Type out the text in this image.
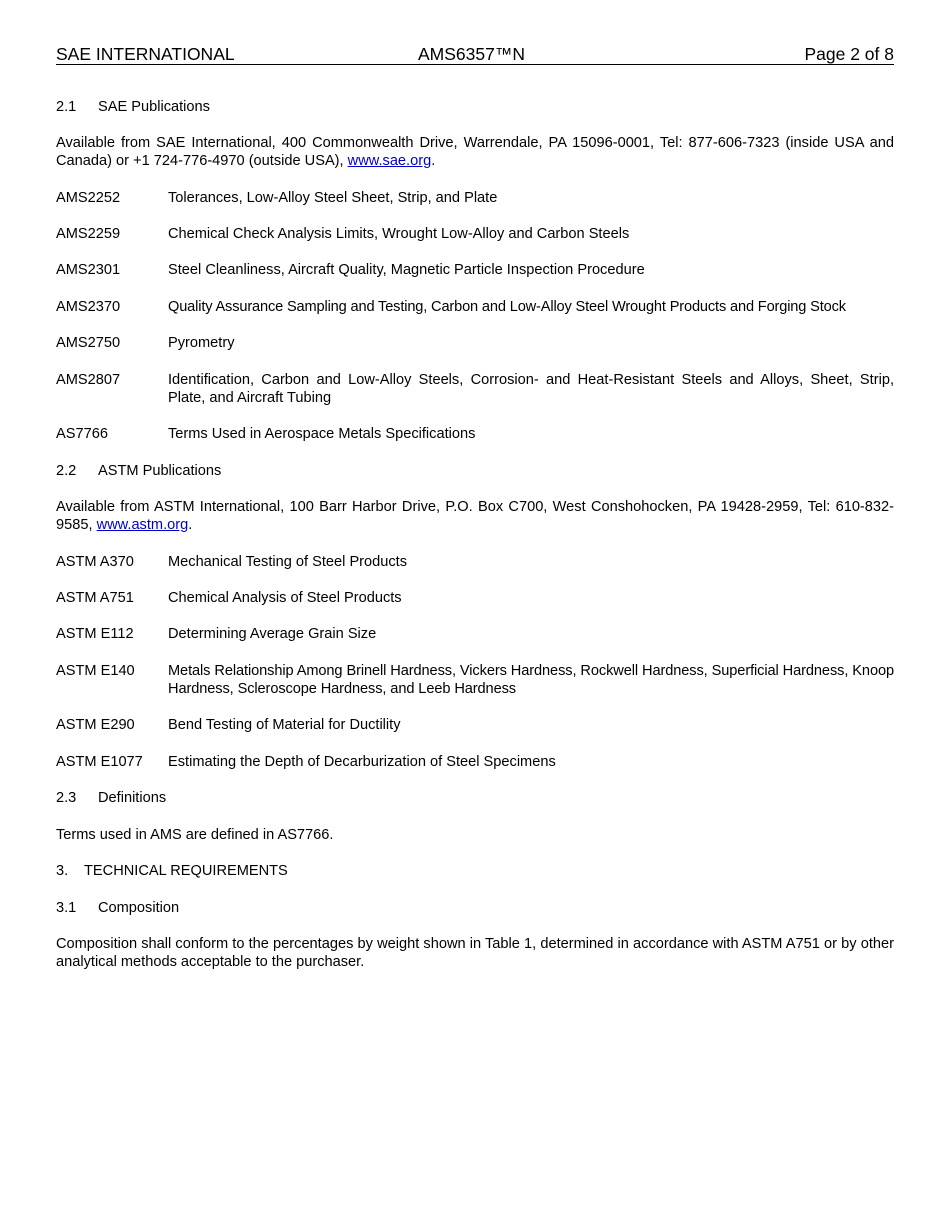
SAE INTERNATIONAL	AMS6357™N	Page 2 of 8
2.1 SAE Publications
Available from SAE International, 400 Commonwealth Drive, Warrendale, PA 15096-0001, Tel: 877-606-7323 (inside USA and Canada) or +1 724-776-4970 (outside USA), www.sae.org.
AMS2252	Tolerances, Low-Alloy Steel Sheet, Strip, and Plate
AMS2259	Chemical Check Analysis Limits, Wrought Low-Alloy and Carbon Steels
AMS2301	Steel Cleanliness, Aircraft Quality, Magnetic Particle Inspection Procedure
AMS2370	Quality Assurance Sampling and Testing, Carbon and Low-Alloy Steel Wrought Products and Forging Stock
AMS2750	Pyrometry
AMS2807	Identification, Carbon and Low-Alloy Steels, Corrosion- and Heat-Resistant Steels and Alloys, Sheet, Strip, Plate, and Aircraft Tubing
AS7766	Terms Used in Aerospace Metals Specifications
2.2 ASTM Publications
Available from ASTM International, 100 Barr Harbor Drive, P.O. Box C700, West Conshohocken, PA 19428-2959, Tel: 610-832-9585, www.astm.org.
ASTM A370 Mechanical Testing of Steel Products
ASTM A751 Chemical Analysis of Steel Products
ASTM E112 Determining Average Grain Size
ASTM E140 Metals Relationship Among Brinell Hardness, Vickers Hardness, Rockwell Hardness, Superficial Hardness, Knoop Hardness, Scleroscope Hardness, and Leeb Hardness
ASTM E290 Bend Testing of Material for Ductility
ASTM E1077 Estimating the Depth of Decarburization of Steel Specimens
2.3 Definitions
Terms used in AMS are defined in AS7766.
3. TECHNICAL REQUIREMENTS
3.1 Composition
Composition shall conform to the percentages by weight shown in Table 1, determined in accordance with ASTM A751 or by other analytical methods acceptable to the purchaser.
